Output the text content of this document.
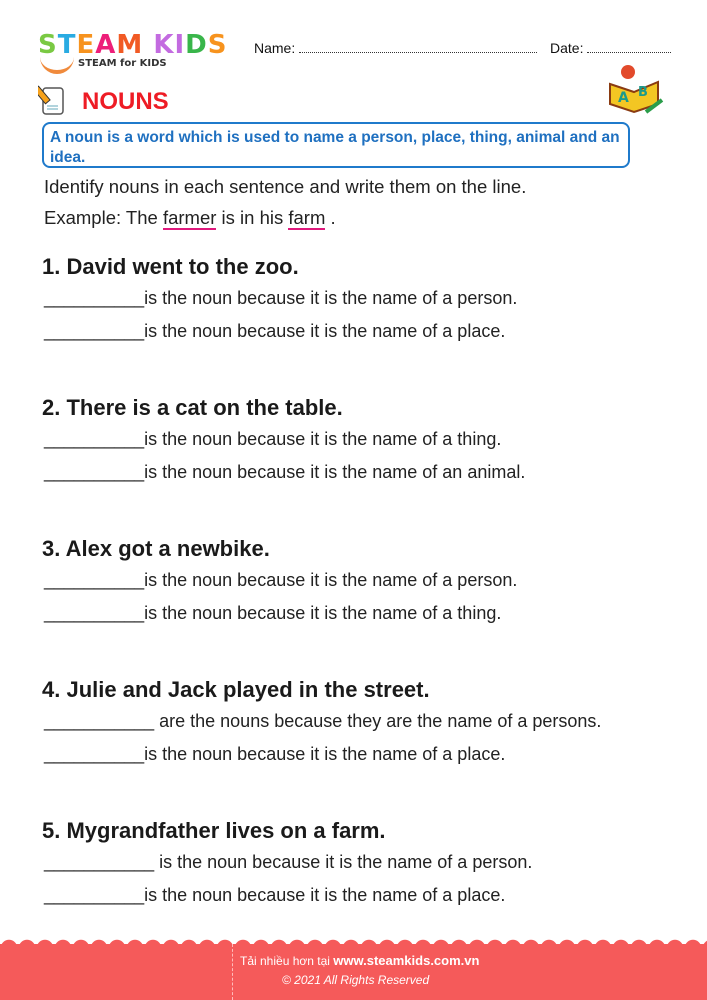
STEAM KIDS
STEAM for KIDS
Name:	Date:
NOUNS	A B
A noun is a word which is used to name a person, place, thing, animal and an idea.
Identify nouns in each sentence and write them on the line.
Example: The farmer is in his farm .
1. David went to the zoo.
__________is the noun because it is the name of a person.
__________is the noun because it is the name of a place.
2. There is a cat on the table.
__________is the noun because it is the name of a thing.
__________is the noun because it is the name of an animal.
3. Alex got a newbike.
__________is the noun because it is the name of a person.
__________is the noun because it is the name of a thing.
4. Julie and Jack played in the street.
___________ are the nouns because they are the name of a persons.
__________is the noun because it is the name of a place.
5. Mygrandfather lives on a farm.
___________ is the noun because it is the name of a person.
__________is the noun because it is the name of a place.
Tải nhiều hơn tại www.steamkids.com.vn
© 2021 All Rights Reserved
